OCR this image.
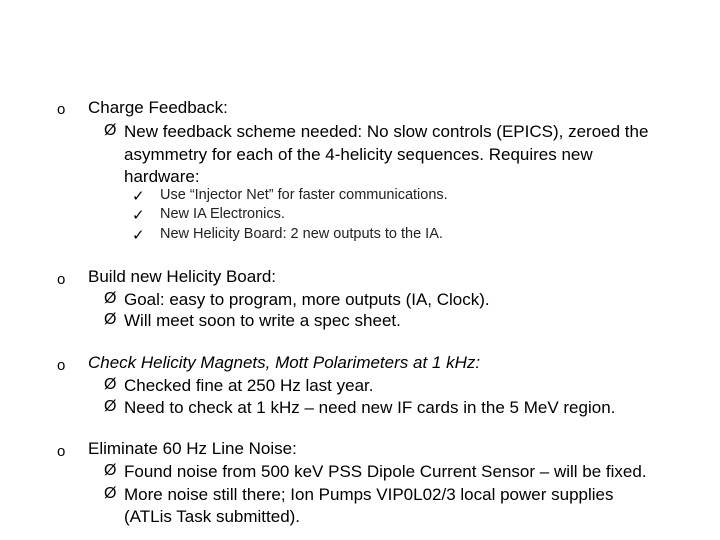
o Charge Feedback:
Ø New feedback scheme needed: No slow controls (EPICS), zeroed the
asymmetry for each of the 4-helicity sequences. Requires new
hardware:
✓ Use “Injector Net” for faster communications.
✓ New IA Electronics.
✓ New Helicity Board: 2 new outputs to the IA.
o Build new Helicity Board:
Ø Goal: easy to program, more outputs (IA, Clock).
Ø Will meet soon to write a spec sheet.
o Check Helicity Magnets, Mott Polarimeters at 1 kHz:
Ø Checked fine at 250 Hz last year.
Ø Need to check at 1 kHz – need new IF cards in the 5 MeV region.
o Eliminate 60 Hz Line Noise:
Ø Found noise from 500 keV PSS Dipole Current Sensor – will be fixed.
Ø More noise still there; Ion Pumps VIP0L02/3 local power supplies
(ATLis Task submitted).
